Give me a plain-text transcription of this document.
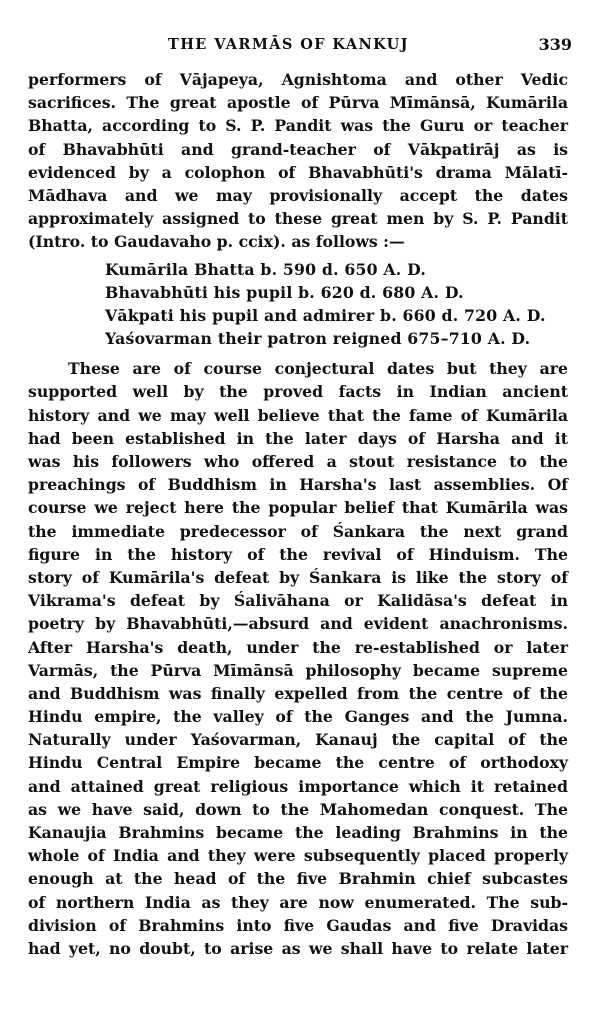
THE VARMĀS OF KANKUJ	339
performers of Vājapeya, Agnishtoma and other Vedic
sacrifices. The great apostle of Pūrva Mīmānsā, Kumārila
Bhatta, according to S. P. Pandit was the Guru or teacher
of Bhavabhūti and grand-teacher of Vākpatirāj as is
evidenced by a colophon of Bhavabhūti's drama Mālatī-
Mādhava and we may provisionally accept the dates
approximately assigned to these great men by S. P. Pandit
(Intro. to Gaudavaho p. ccix). as follows :—
Kumārila Bhatta b. 590 d. 650 A. D.
Bhavabhūti his pupil b. 620 d. 680 A. D.
Vākpati his pupil and admirer b. 660 d. 720 A. D.
Yaśovarman their patron reigned 675–710 A. D.
These are of course conjectural dates but they are
supported well by the proved facts in Indian ancient
history and we may well believe that the fame of Kumārila
had been established in the later days of Harsha and it
was his followers who offered a stout resistance to the
preachings of Buddhism in Harsha's last assemblies. Of
course we reject here the popular belief that Kumārila was
the immediate predecessor of Śankara the next grand
figure in the history of the revival of Hinduism. The
story of Kumārila's defeat by Śankara is like the story of
Vikrama's defeat by Śalivāhana or Kalidāsa's defeat in
poetry by Bhavabhūti,—absurd and evident anachronisms.
After Harsha's death, under the re-established or later
Varmās, the Pūrva Mīmānsā philosophy became supreme
and Buddhism was finally expelled from the centre of the
Hindu empire, the valley of the Ganges and the Jumna.
Naturally under Yaśovarman, Kanauj the capital of the
Hindu Central Empire became the centre of orthodoxy
and attained great religious importance which it retained
as we have said, down to the Mahomedan conquest. The
Kanaujia Brahmins became the leading Brahmins in the
whole of India and they were subsequently placed properly
enough at the head of the five Brahmin chief subcastes
of northern India as they are now enumerated. The sub-
division of Brahmins into five Gaudas and five Dravidas
had yet, no doubt, to arise as we shall have to relate later
